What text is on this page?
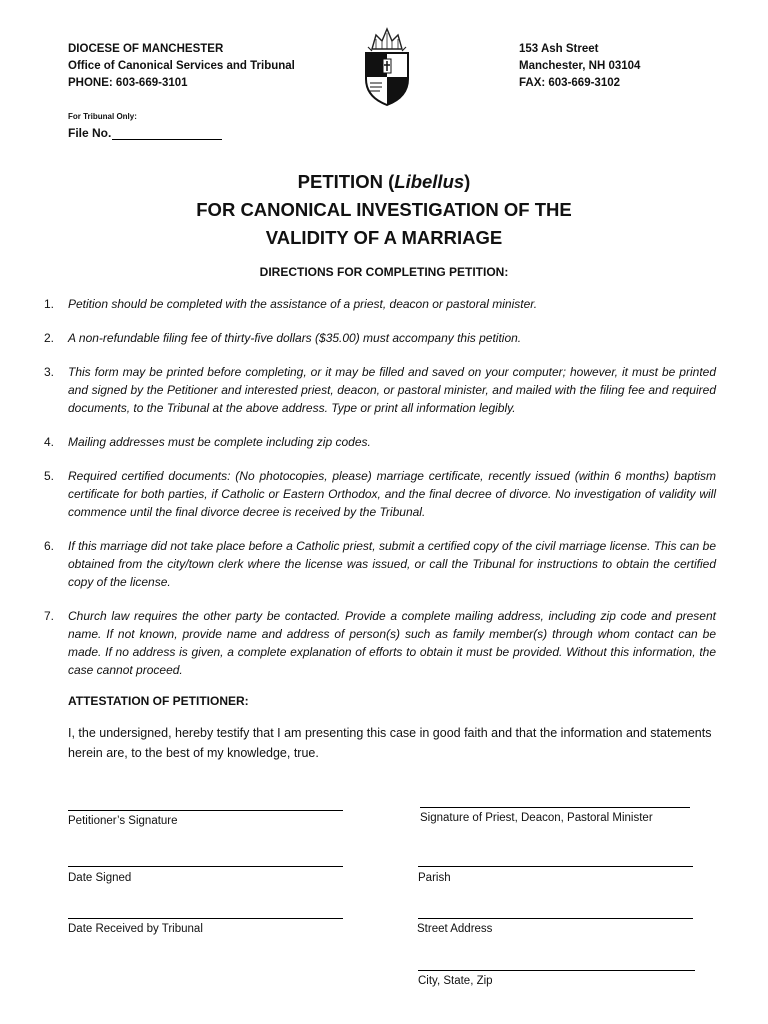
DIOCESE OF MANCHESTER
Office of Canonical Services and Tribunal
PHONE: 603-669-3101
153 Ash Street
Manchester, NH 03104
FAX: 603-669-3102
For Tribunal Only:
File No.
PETITION (Libellus)
FOR CANONICAL INVESTIGATION OF THE
VALIDITY OF A MARRIAGE
DIRECTIONS FOR COMPLETING PETITION:
1.	Petition should be completed with the assistance of a priest, deacon or pastoral minister.
2.	A non-refundable filing fee of thirty-five dollars ($35.00) must accompany this petition.
3.	This form may be printed before completing, or it may be filled and saved on your computer; however, it must be printed and signed by the Petitioner and interested priest, deacon, or pastoral minister, and mailed with the filing fee and required documents, to the Tribunal at the above address. Type or print all information legibly.
4.	Mailing addresses must be complete including zip codes.
5.	Required certified documents: (No photocopies, please) marriage certificate, recently issued (within 6 months) baptism certificate for both parties, if Catholic or Eastern Orthodox, and the final decree of divorce. No investigation of validity will commence until the final divorce decree is received by the Tribunal.
6.	If this marriage did not take place before a Catholic priest, submit a certified copy of the civil marriage license. This can be obtained from the city/town clerk where the license was issued, or call the Tribunal for instructions to obtain the certified copy of the license.
7.	Church law requires the other party be contacted. Provide a complete mailing address, including zip code and present name. If not known, provide name and address of person(s) such as family member(s) through whom contact can be made. If no address is given, a complete explanation of efforts to obtain it must be provided. Without this information, the case cannot proceed.
ATTESTATION OF PETITIONER:
I, the undersigned, hereby testify that I am presenting this case in good faith and that the information and statements herein are, to the best of my knowledge, true.
Petitioner’s Signature
Date Signed
Date Received by Tribunal
Signature of Priest, Deacon, Pastoral Minister
Parish
Street Address
City, State, Zip
